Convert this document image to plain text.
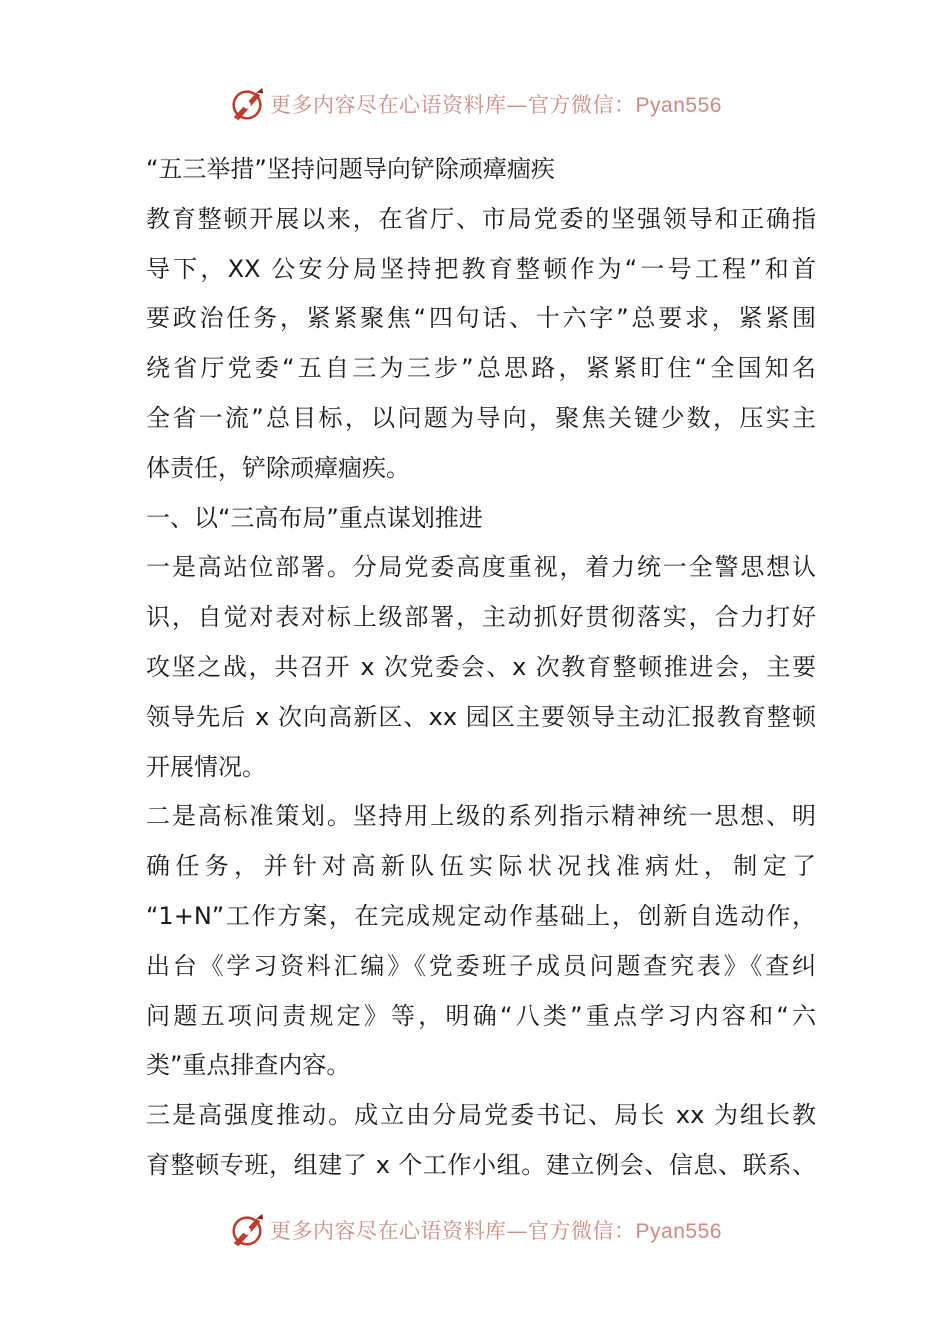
更多内容尽在心语资料库—官方微信：Pyan556
“五三举措”坚持问题导向铲除顽瘴痼疾
教育整顿开展以来，在省厅、市局党委的坚强领导和正确指
导下，XX 公安分局坚持把教育整顿作为“一号工程”和首
要政治任务，紧紧聚焦“四句话、十六字”总要求，紧紧围
绕省厅党委“五自三为三步”总思路，紧紧盯住“全国知名
全省一流”总目标，以问题为导向，聚焦关键少数，压实主
体责任，铲除顽瘴痼疾。
一、以“三高布局”重点谋划推进
一是高站位部署。分局党委高度重视，着力统一全警思想认
识，自觉对表对标上级部署，主动抓好贯彻落实，合力打好
攻坚之战，共召开 x 次党委会、x 次教育整顿推进会，主要
领导先后 x 次向高新区、xx 园区主要领导主动汇报教育整顿
开展情况。
二是高标准策划。坚持用上级的系列指示精神统一思想、明
确任务，并针对高新队伍实际状况找准病灶，制定了
“1+N”工作方案，在完成规定动作基础上，创新自选动作，
出台《学习资料汇编》《党委班子成员问题查究表》《查纠
问题五项问责规定》等，明确“八类”重点学习内容和“六
类”重点排查内容。
三是高强度推动。成立由分局党委书记、局长 xx 为组长教
育整顿专班，组建了 x 个工作小组。建立例会、信息、联系、
更多内容尽在心语资料库—官方微信：Pyan556
